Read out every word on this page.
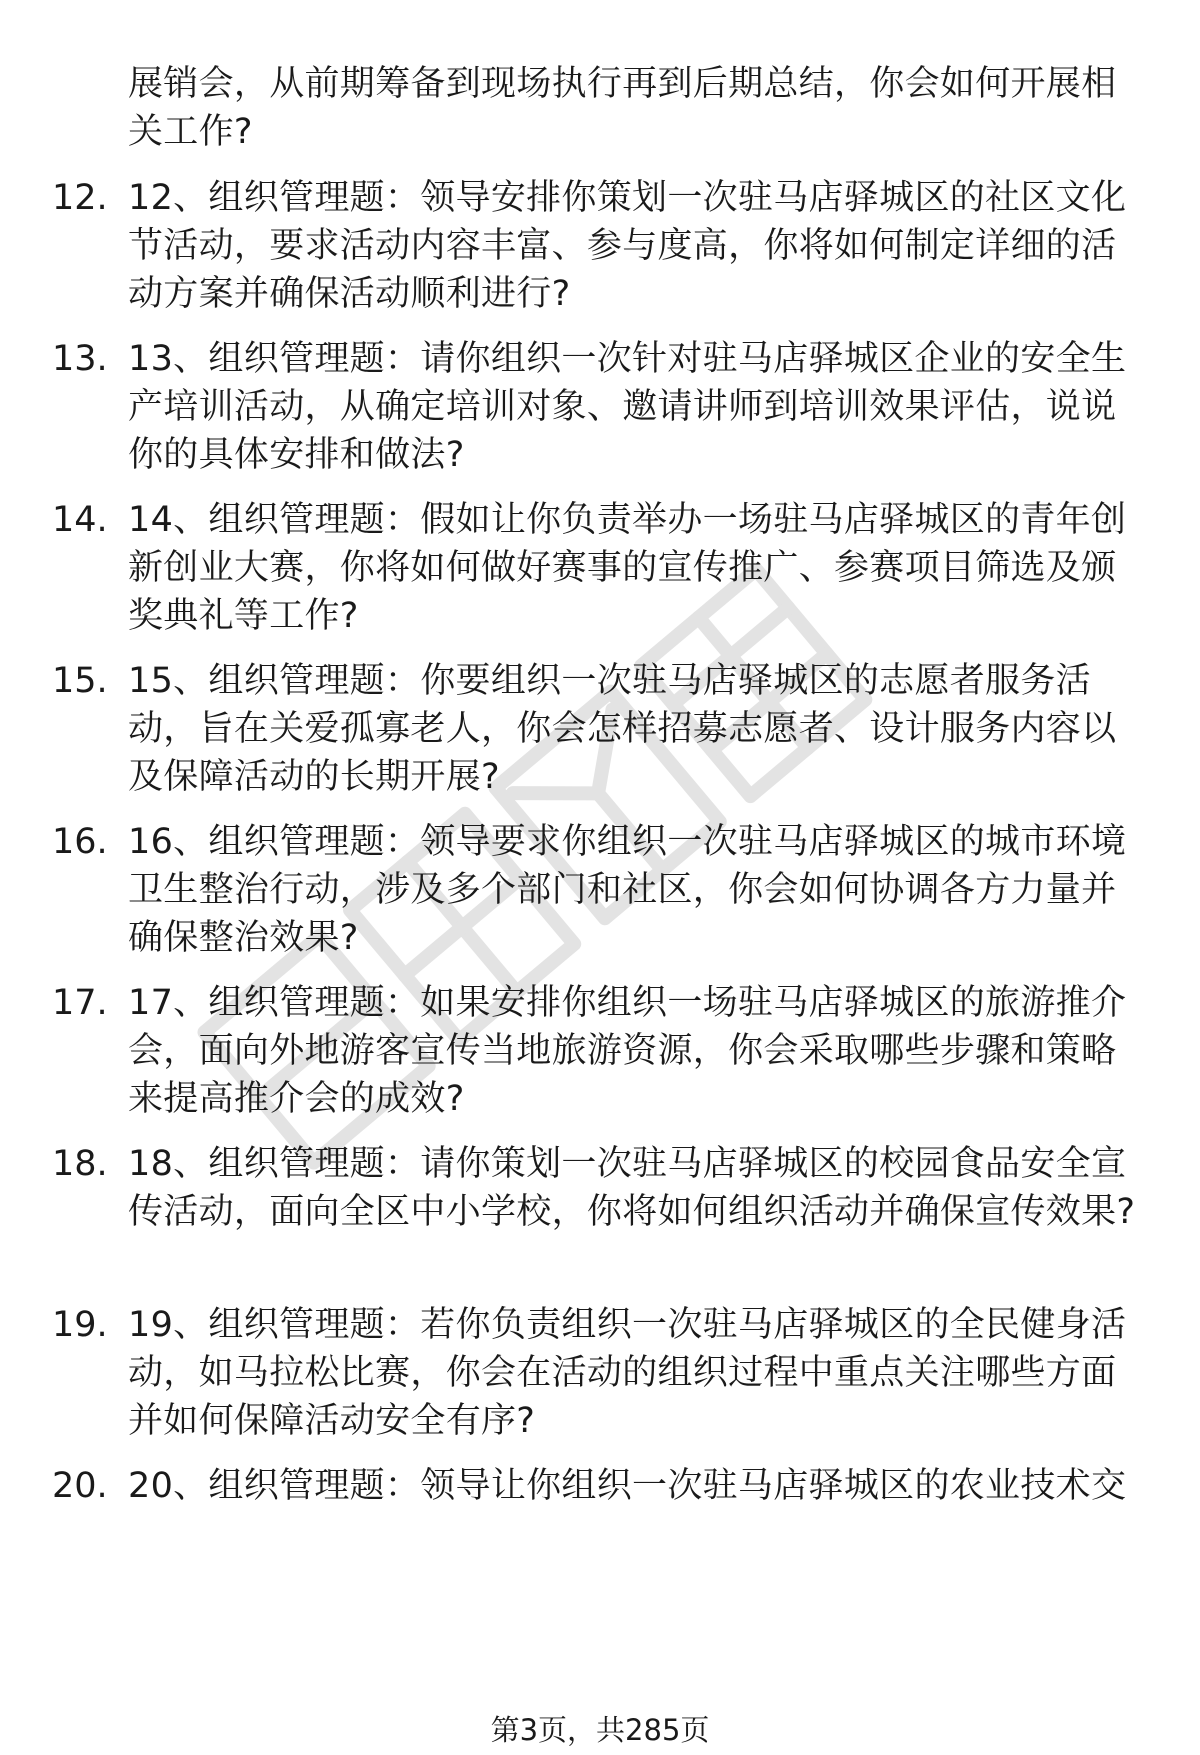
展销会，从前期筹备到现场执行再到后期总结，你会如何开展相关工作?
12. 12、组织管理题：领导安排你策划一次驻马店驿城区的社区文化节活动，要求活动内容丰富、参与度高，你将如何制定详细的活动方案并确保活动顺利进行?
13. 13、组织管理题：请你组织一次针对驻马店驿城区企业的安全生产培训活动，从确定培训对象、邀请讲师到培训效果评估，说说你的具体安排和做法?
14. 14、组织管理题：假如让你负责举办一场驻马店驿城区的青年创新创业大赛，你将如何做好赛事的宣传推广、参赛项目筛选及颁奖典礼等工作?
15. 15、组织管理题：你要组织一次驻马店驿城区的志愿者服务活动，旨在关爱孤寡老人，你会怎样招募志愿者、设计服务内容以及保障活动的长期开展?
16. 16、组织管理题：领导要求你组织一次驻马店驿城区的城市环境卫生整治行动，涉及多个部门和社区，你会如何协调各方力量并确保整治效果?
17. 17、组织管理题：如果安排你组织一场驻马店驿城区的旅游推介会，面向外地游客宣传当地旅游资源，你会采取哪些步骤和策略来提高推介会的成效?
18. 18、组织管理题：请你策划一次驻马店驿城区的校园食品安全宣传活动，面向全区中小学校，你将如何组织活动并确保宣传效果?
19. 19、组织管理题：若你负责组织一次驻马店驿城区的全民健身活动，如马拉松比赛，你会在活动的组织过程中重点关注哪些方面并如何保障活动安全有序?
20. 20、组织管理题：领导让你组织一次驻马店驿城区的农业技术交
第3页，共285页
